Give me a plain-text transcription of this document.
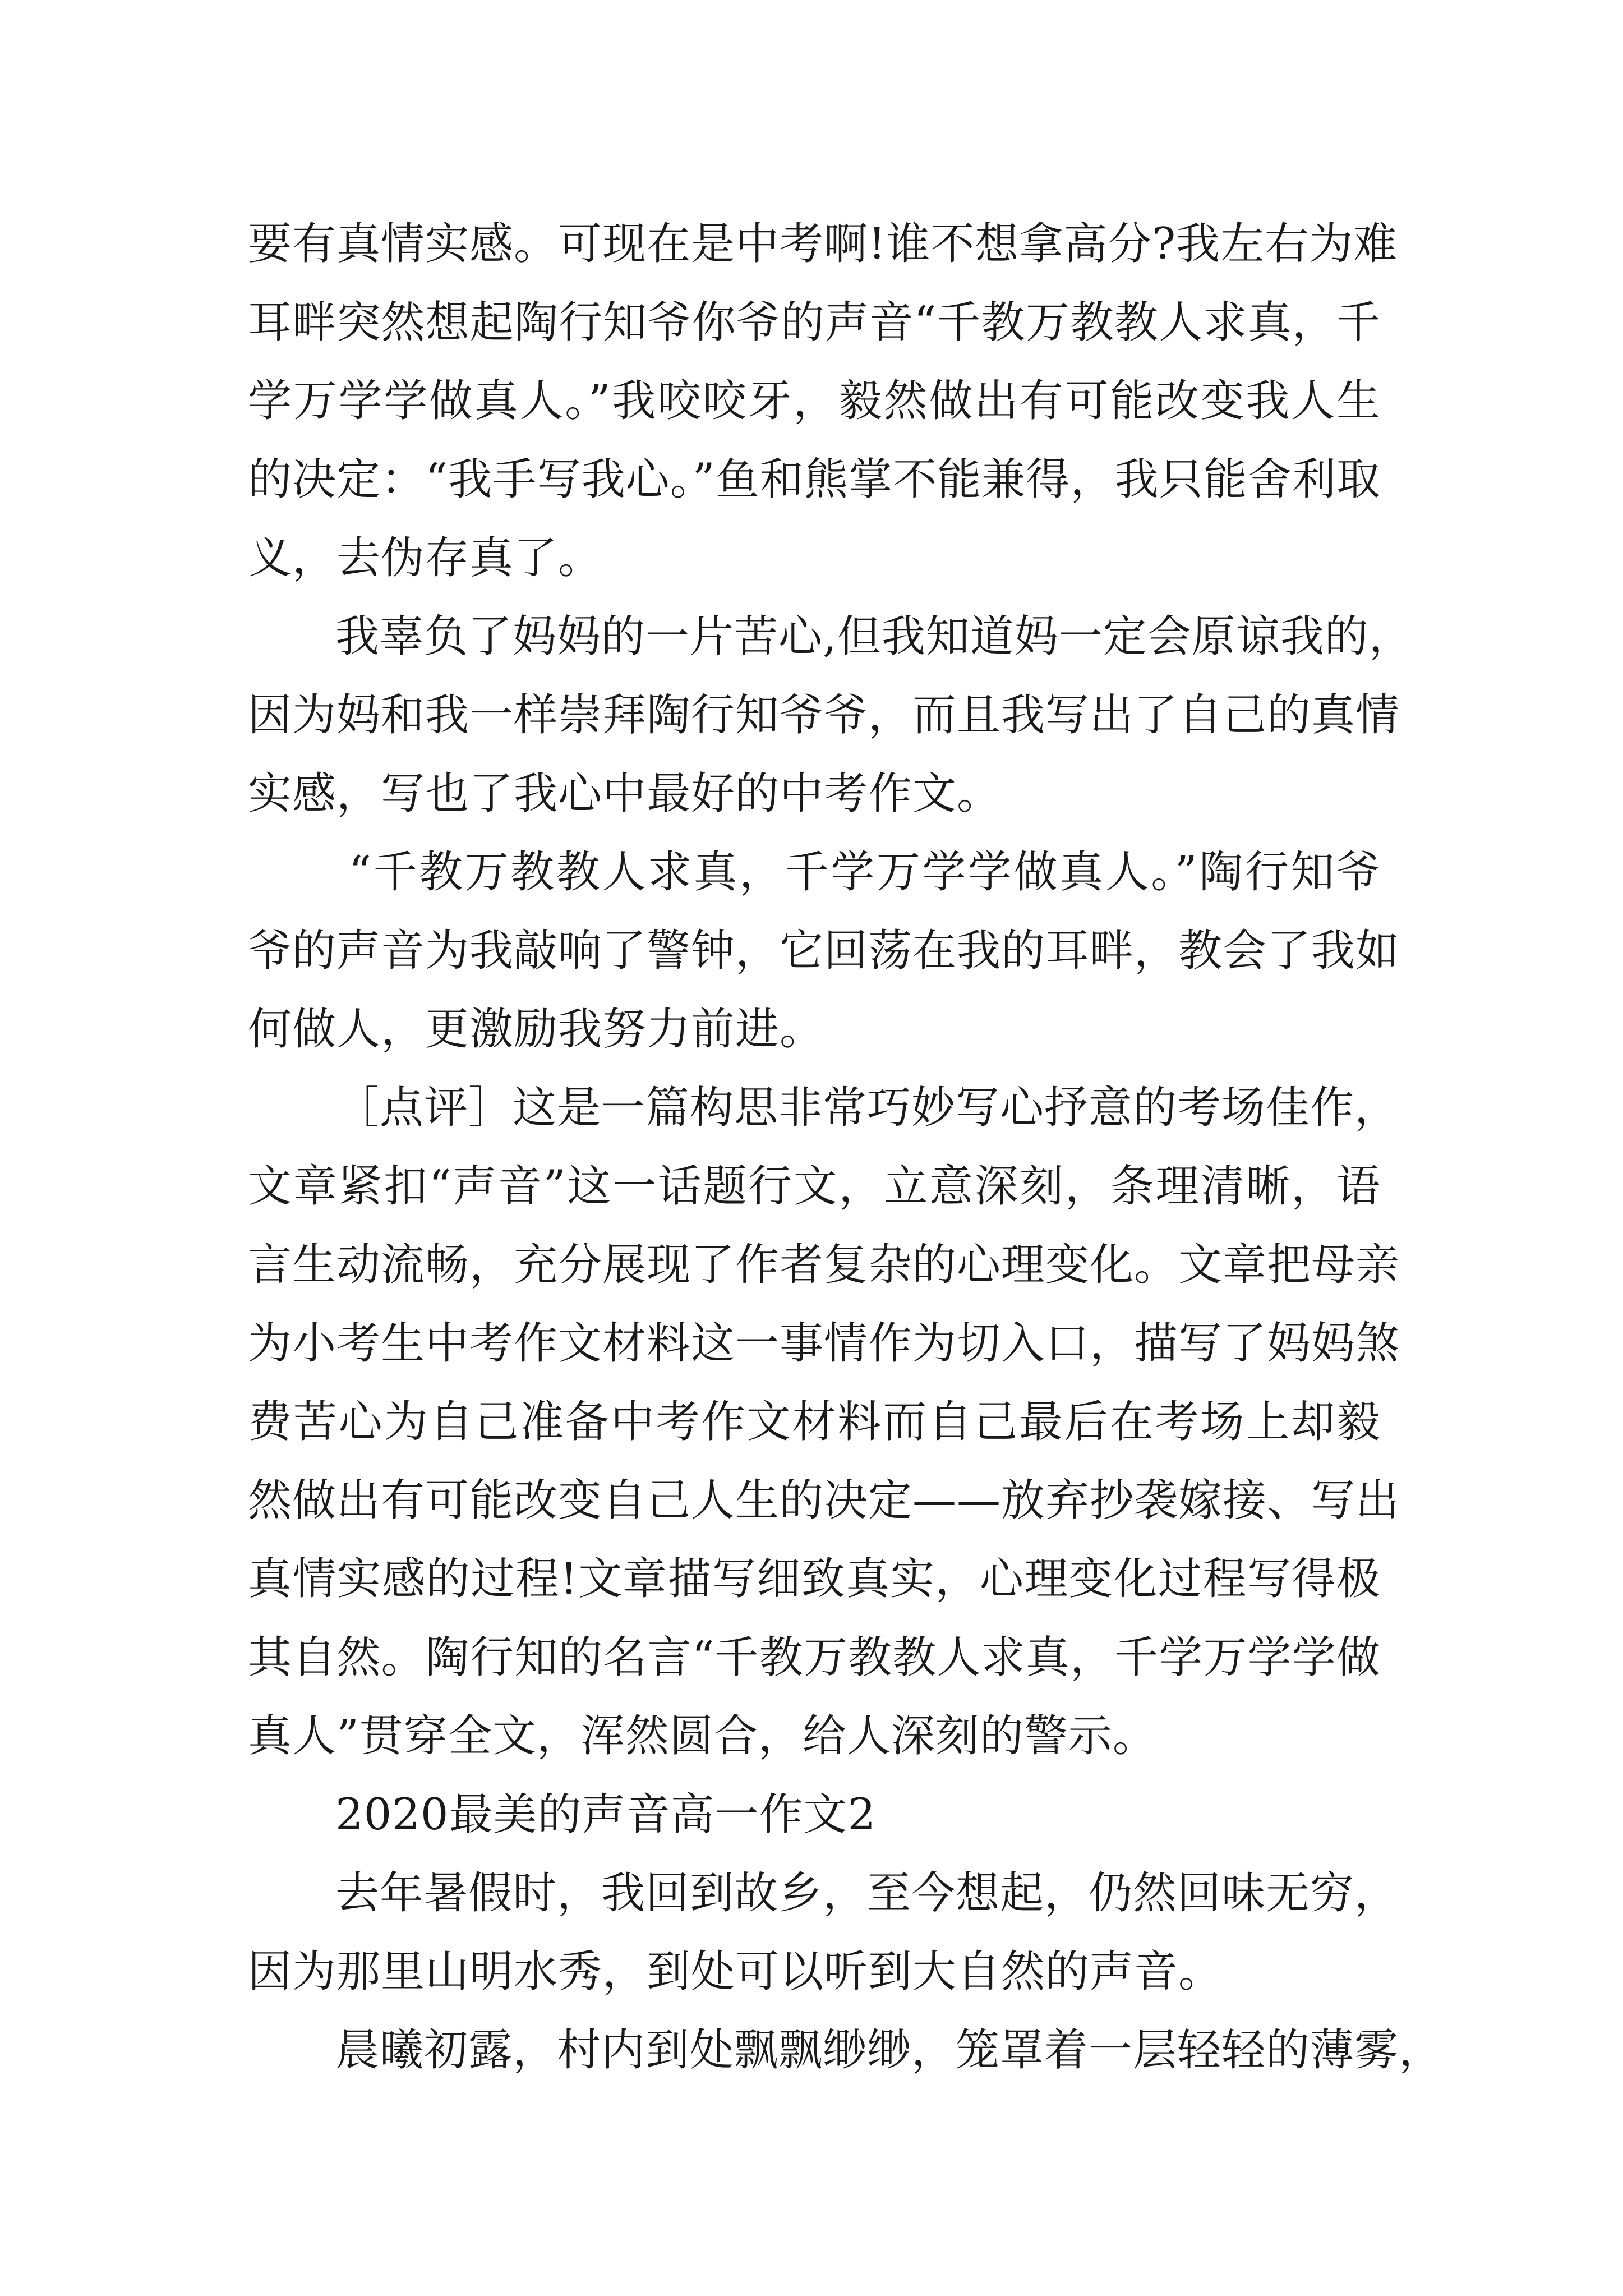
要有真情实感。可现在是中考啊!谁不想拿高分?我左右为难
耳畔突然想起陶行知爷你爷的声音“千教万教教人求真，千
学万学学做真人。”我咬咬牙，毅然做出有可能改变我人生
的决定：“我手写我心。”鱼和熊掌不能兼得，我只能舍利取
义，去伪存真了。
我辜负了妈妈的一片苦心,但我知道妈一定会原谅我的，
因为妈和我一样崇拜陶行知爷爷，而且我写出了自己的真情
实感，写也了我心中最好的中考作文。
“千教万教教人求真，千学万学学做真人。”陶行知爷
爷的声音为我敲响了警钟，它回荡在我的耳畔，教会了我如
何做人，更激励我努力前进。
［点评］这是一篇构思非常巧妙写心抒意的考场佳作，
文章紧扣“声音”这一话题行文，立意深刻，条理清晰，语
言生动流畅，充分展现了作者复杂的心理变化。文章把母亲
为小考生中考作文材料这一事情作为切入口，描写了妈妈煞
费苦心为自己准备中考作文材料而自己最后在考场上却毅
然做出有可能改变自己人生的决定——放弃抄袭嫁接、写出
真情实感的过程!文章描写细致真实，心理变化过程写得极
其自然。陶行知的名言“千教万教教人求真，千学万学学做
真人”贯穿全文，浑然圆合，给人深刻的警示。
2020最美的声音高一作文2
去年暑假时，我回到故乡，至今想起，仍然回味无穷，
因为那里山明水秀，到处可以听到大自然的声音。
晨曦初露，村内到处飘飘缈缈，笼罩着一层轻轻的薄雾，
